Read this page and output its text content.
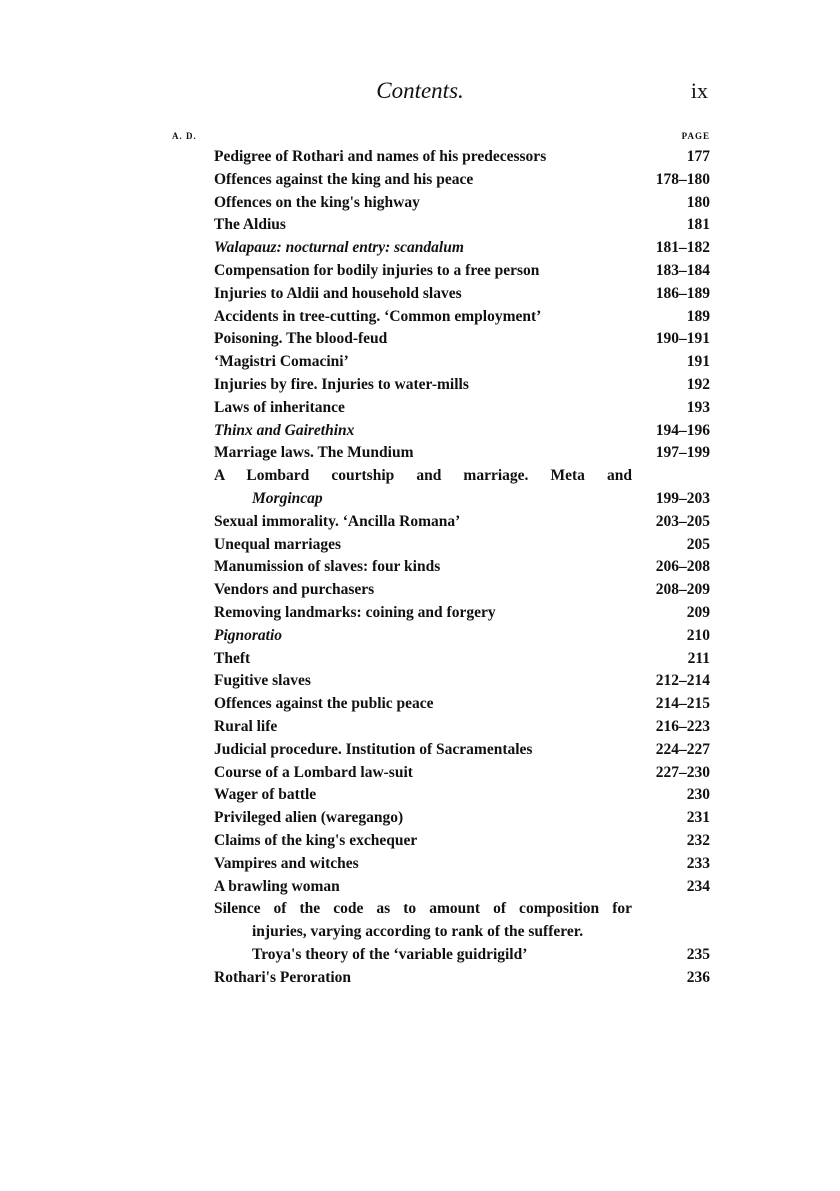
Contents.	ix
A. D.	PAGE
Pedigree of Rothari and names of his predecessors	177
Offences against the king and his peace	178–180
Offences on the king's highway	180
The Aldius	181
Walapauz: nocturnal entry: scandalum	181–182
Compensation for bodily injuries to a free person	183–184
Injuries to Aldii and household slaves	186–189
Accidents in tree-cutting. ‘Common employment’	189
Poisoning. The blood-feud	190–191
‘Magistri Comacini’	191
Injuries by fire. Injuries to water-mills	192
Laws of inheritance	193
Thinx and Gairethinx	194–196
Marriage laws. The Mundium	197–199
A Lombard courtship and marriage. Meta and
Morgincap	199–203
Sexual immorality. ‘Ancilla Romana’	203–205
Unequal marriages	205
Manumission of slaves: four kinds	206–208
Vendors and purchasers	208–209
Removing landmarks: coining and forgery	209
Pignoratio	210
Theft	211
Fugitive slaves	212–214
Offences against the public peace	214–215
Rural life	216–223
Judicial procedure. Institution of Sacramentales	224–227
Course of a Lombard law-suit	227–230
Wager of battle	230
Privileged alien (waregango)	231
Claims of the king's exchequer	232
Vampires and witches	233
A brawling woman	234
Silence of the code as to amount of composition for
injuries, varying according to rank of the sufferer.
Troya's theory of the ‘variable guidrigild’	235
Rothari's Peroration	236
